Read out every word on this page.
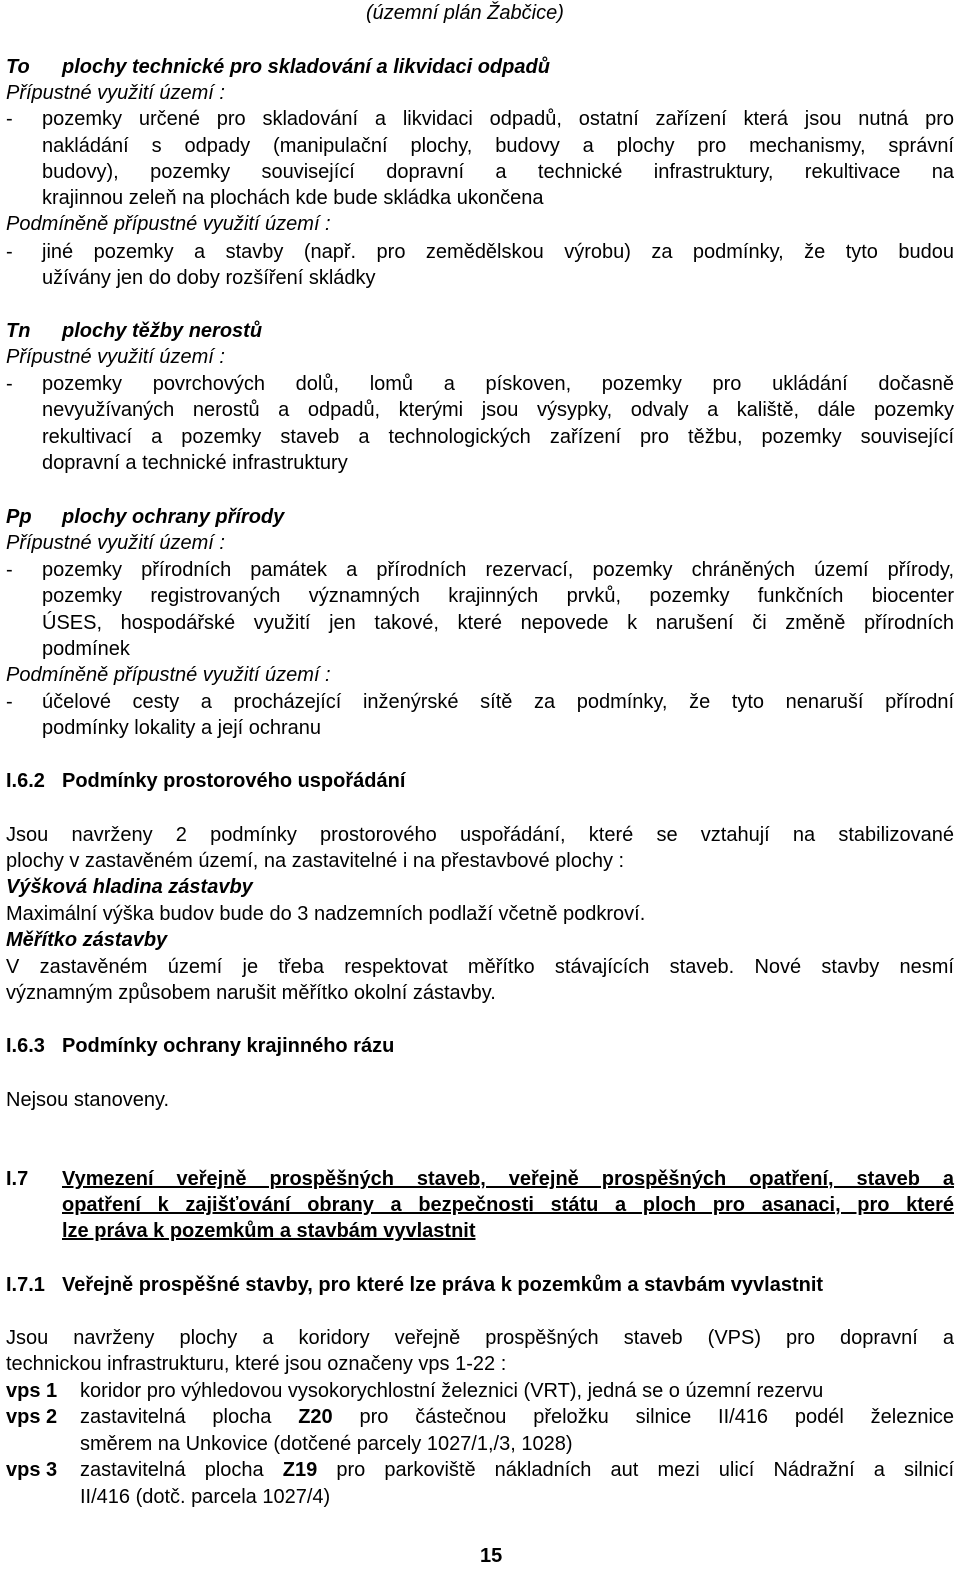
(územní plán Žabčice)
To plochy technické pro skladování a likvidaci odpadů
Přípustné využití území :
-	pozemky určené pro skladování a likvidaci odpadů, ostatní zařízení která jsou nutná pro
nakládání s odpady (manipulační plochy, budovy a plochy pro mechanismy, správní
budovy), pozemky související dopravní a technické infrastruktury, rekultivace na
krajinnou zeleň na plochách kde bude skládka ukončena
Podmíněně přípustné využití území :
-	jiné pozemky a stavby (např. pro zemědělskou výrobu) za podmínky, že tyto budou
užívány jen do doby rozšíření skládky
Tn plochy těžby nerostů
Přípustné využití území :
-	pozemky povrchových dolů, lomů a pískoven, pozemky pro ukládání dočasně
nevyužívaných nerostů a odpadů, kterými jsou výsypky, odvaly a kaliště, dále pozemky
rekultivací a pozemky staveb a technologických zařízení pro těžbu, pozemky související
dopravní a technické infrastruktury
Pp plochy ochrany přírody
Přípustné využití území :
-	pozemky přírodních památek a přírodních rezervací, pozemky chráněných území přírody,
pozemky registrovaných významných krajinných prvků, pozemky funkčních biocenter
ÚSES, hospodářské využití jen takové, které nepovede k narušení či změně přírodních
podmínek
Podmíněně přípustné využití území :
-	účelové cesty a procházející inženýrské sítě za podmínky, že tyto nenaruší přírodní
podmínky lokality a její ochranu
I.6.2 Podmínky prostorového uspořádání
Jsou navrženy 2 podmínky prostorového uspořádání, které se vztahují na stabilizované
plochy v zastavěném území, na zastavitelné i na přestavbové plochy :
Výšková hladina zástavby
Maximální výška budov bude do 3 nadzemních podlaží včetně podkroví.
Měřítko zástavby
V zastavěném území je třeba respektovat měřítko stávajících staveb. Nové stavby nesmí
významným způsobem narušit měřítko okolní zástavby.
I.6.3 Podmínky ochrany krajinného rázu
Nejsou stanoveny.
I.7	Vymezení veřejně prospěšných staveb, veřejně prospěšných opatření, staveb a
opatření k zajišťování obrany a bezpečnosti státu a ploch pro asanaci, pro které
lze práva k pozemkům a stavbám vyvlastnit
I.7.1 Veřejně prospěšné stavby, pro které lze práva k pozemkům a stavbám vyvlastnit
Jsou navrženy plochy a koridory veřejně prospěšných staveb (VPS) pro dopravní a
technickou infrastrukturu, které jsou označeny vps 1-22 :
vps 1	koridor pro výhledovou vysokorychlostní železnici (VRT), jedná se o územní rezervu
vps 2	zastavitelná plocha Z20 pro částečnou přeložku silnice II/416 podél železnice
směrem na Unkovice (dotčené parcely 1027/1,/3, 1028)
vps 3	zastavitelná plocha Z19 pro parkoviště nákladních aut mezi ulicí Nádražní a silnicí
II/416 (dotč. parcela 1027/4)
15
